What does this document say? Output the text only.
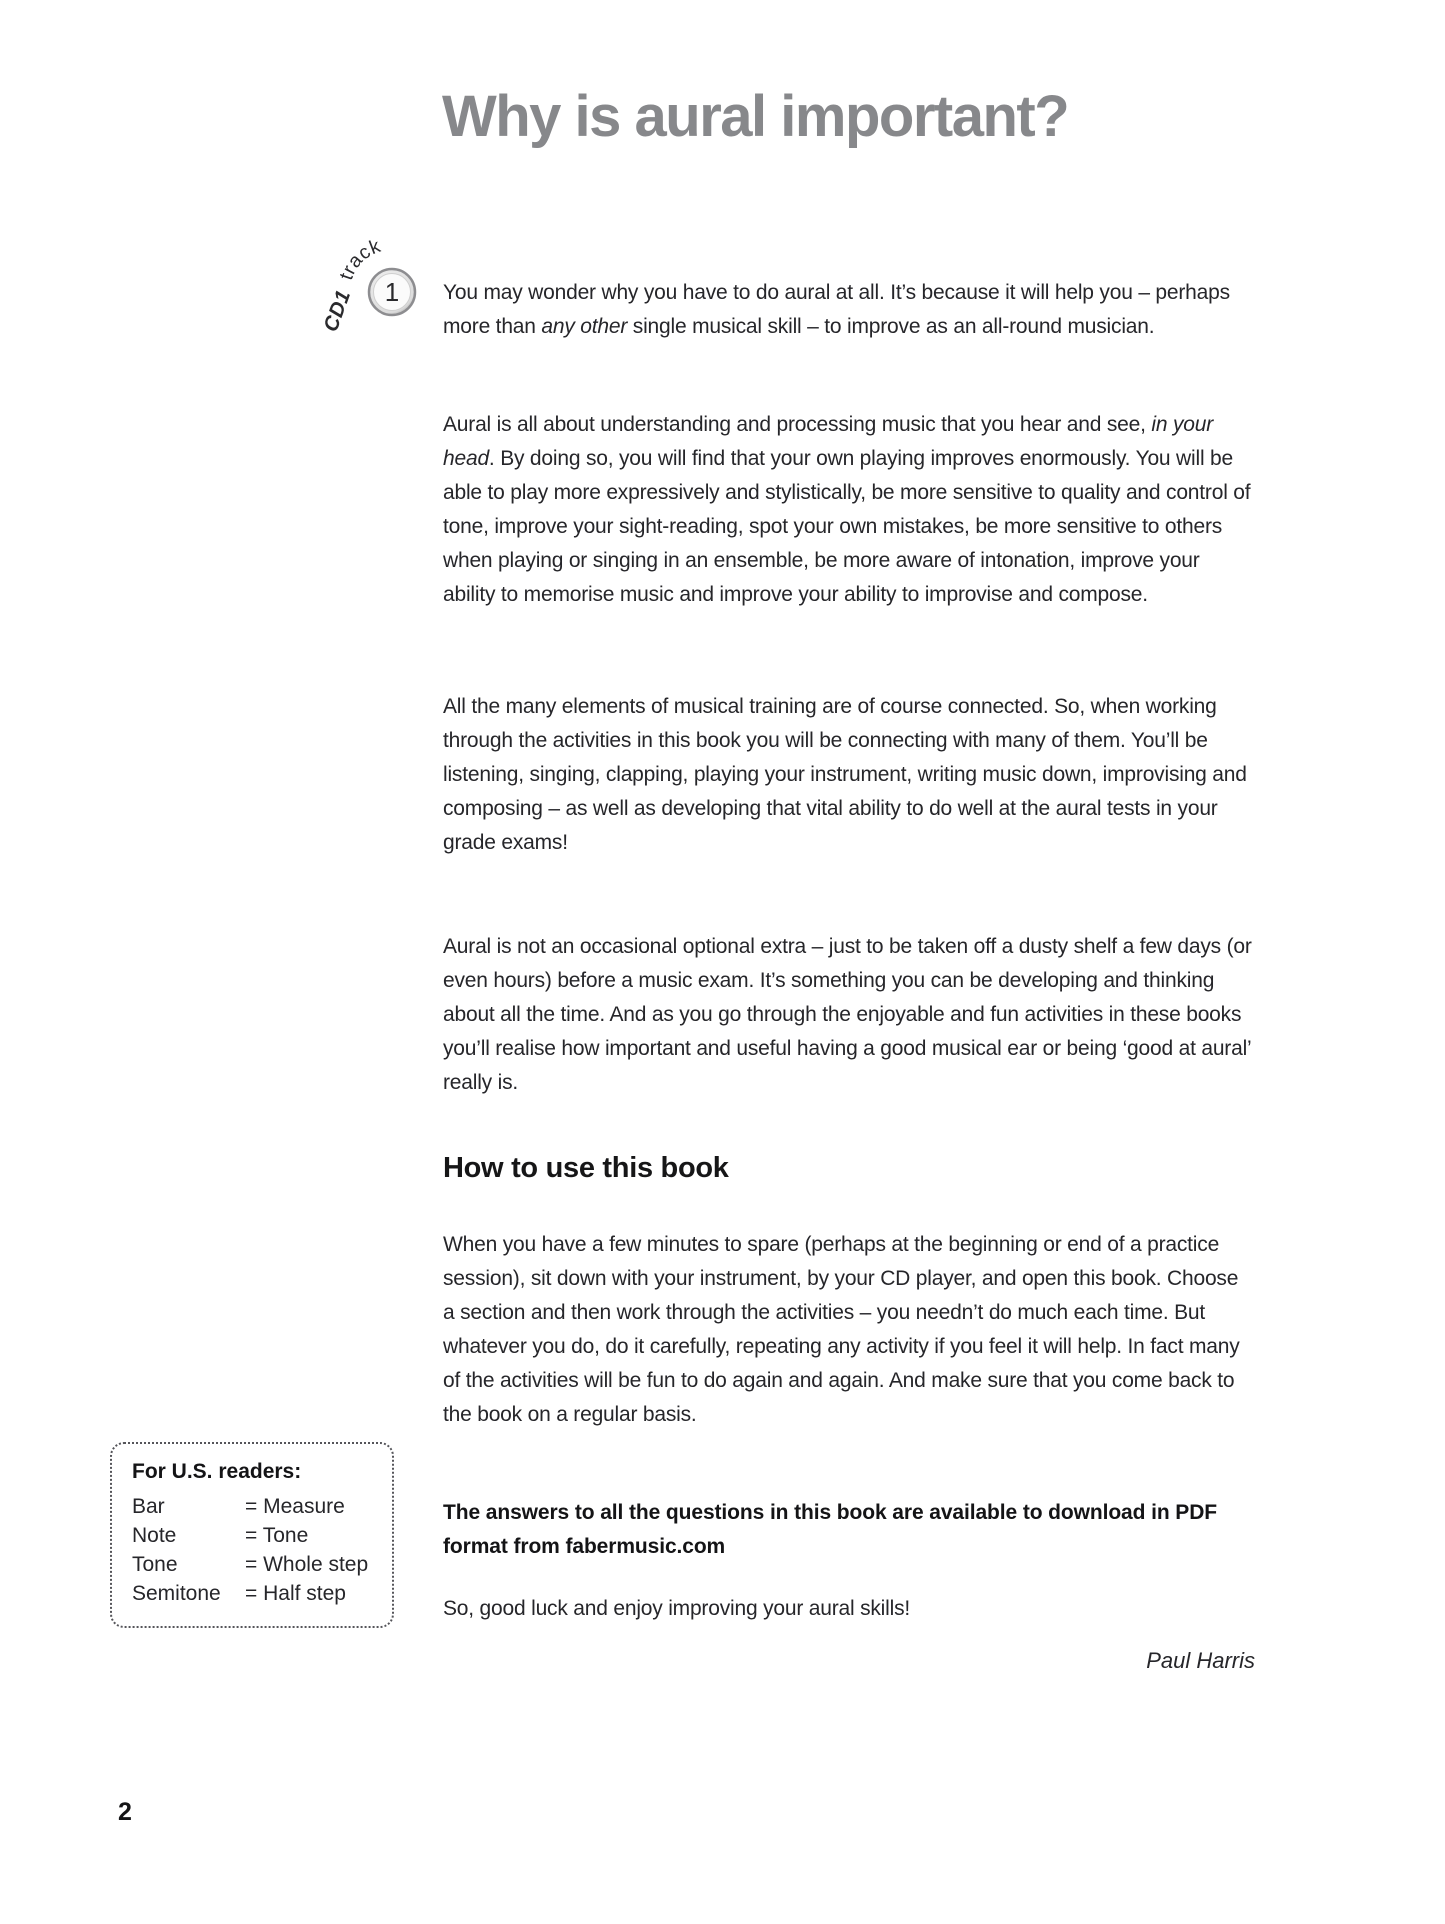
Why is aural important?
1
track
CD1	You may wonder why you have to do aural at all. It’s because it will help you – perhaps more than any other single musical skill – to improve as an all-round musician.

Aural is all about understanding and processing music that you hear and see, in your head. By doing so, you will find that your own playing improves enormously. You will be able to play more expressively and stylistically, be more sensitive to quality and control of tone, improve your sight-reading, spot your own mistakes, be more sensitive to others when playing or singing in an ensemble, be more aware of intonation, improve your ability to memorise music and improve your ability to improvise and compose.

All the many elements of musical training are of course connected. So, when working through the activities in this book you will be connecting with many of them. You’ll be listening, singing, clapping, playing your instrument, writing music down, improvising and composing – as well as developing that vital ability to do well at the aural tests in your grade exams!

Aural is not an occasional optional extra – just to be taken off a dusty shelf a few days (or even hours) before a music exam. It’s something you can be developing and thinking about all the time. And as you go through the enjoyable and fun activities in these books you’ll realise how important and useful having a good musical ear or being ‘good at aural’ really is.

How to use this book

When you have a few minutes to spare (perhaps at the beginning or end of a practice session), sit down with your instrument, by your CD player, and open this book. Choose a section and then work through the activities – you needn’t do much each time. But whatever you do, do it carefully, repeating any activity if you feel it will help. In fact many of the activities will be fun to do again and again. And make sure that you come back to the book on a regular basis.

The answers to all the questions in this book are available to download in PDF format from fabermusic.com

So, good luck and enjoy improving your aural skills!

Paul Harris
For U.S. readers:
Bar	= Measure
Note	= Tone
Tone	= Whole step
Semitone	= Half step
2
